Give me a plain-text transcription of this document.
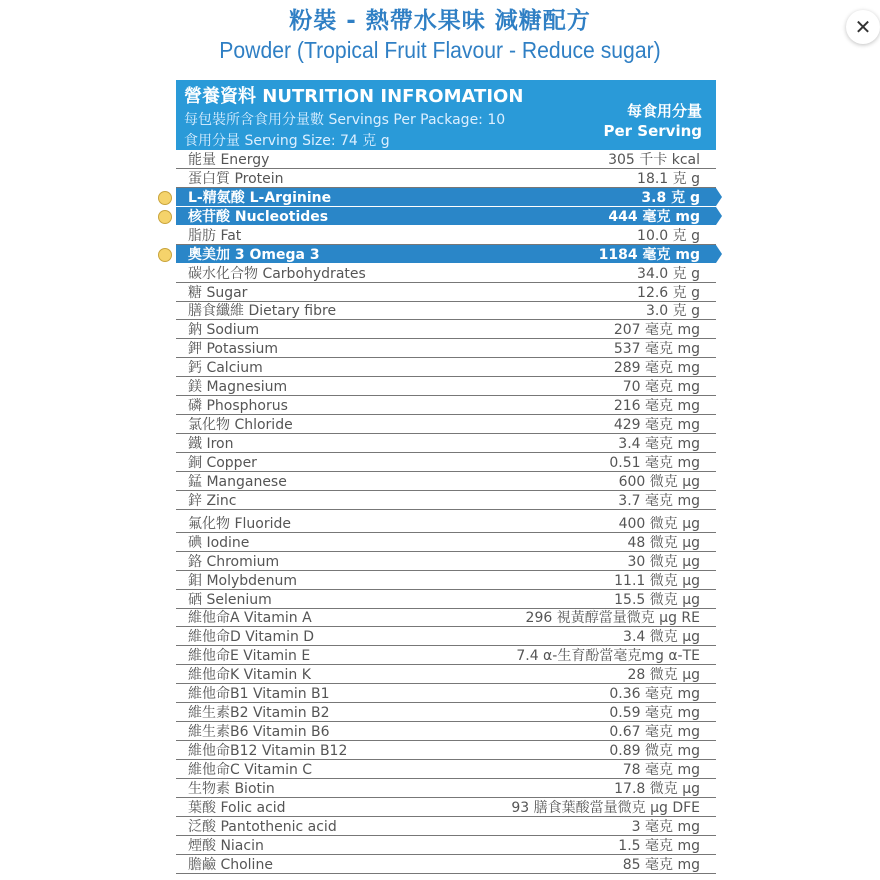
✕
粉裝 - 熱帶水果味 減糖配方
Powder (Tropical Fruit Flavour - Reduce sugar)
營養資料 NUTRITION INFROMATION
每包裝所含食用分量數 Servings Per Package: 10
食用分量 Serving Size: 74 克 g
每食用分量
Per Serving
能量 Energy	305 千卡 kcal
蛋白質 Protein	18.1 克 g
L-精氨酸 L-Arginine	3.8 克 g
核苷酸 Nucleotides	444 毫克 mg
脂肪 Fat	10.0 克 g
奧美加 3 Omega 3	1184 毫克 mg
碳水化合物 Carbohydrates	34.0 克 g
糖 Sugar	12.6 克 g
膳食纖維 Dietary fibre	3.0 克 g
鈉 Sodium	207 毫克 mg
鉀 Potassium	537 毫克 mg
鈣 Calcium	289 毫克 mg
鎂 Magnesium	70 毫克 mg
磷 Phosphorus	216 毫克 mg
氯化物 Chloride	429 毫克 mg
鐵 Iron	3.4 毫克 mg
銅 Copper	0.51 毫克 mg
錳 Manganese	600 微克 μg
鋅 Zinc	3.7 毫克 mg
氟化物 Fluoride	400 微克 μg
碘 Iodine	48 微克 μg
鉻 Chromium	30 微克 μg
鉬 Molybdenum	11.1 微克 μg
硒 Selenium	15.5 微克 μg
維他命A Vitamin A	296 視黃醇當量微克 μg RE
維他命D Vitamin D	3.4 微克 μg
維他命E Vitamin E	7.4 α-生育酚當毫克mg α-TE
維他命K Vitamin K	28 微克 μg
維他命B1 Vitamin B1	0.36 毫克 mg
維生素B2 Vitamin B2	0.59 毫克 mg
維生素B6 Vitamin B6	0.67 毫克 mg
維他命B12 Vitamin B12	0.89 微克 mg
維他命C Vitamin C	78 毫克 mg
生物素 Biotin	17.8 微克 μg
葉酸 Folic acid	93 膳食葉酸當量微克 μg DFE
泛酸 Pantothenic acid	3 毫克 mg
煙酸 Niacin	1.5 毫克 mg
膽鹼 Choline	85 毫克 mg
